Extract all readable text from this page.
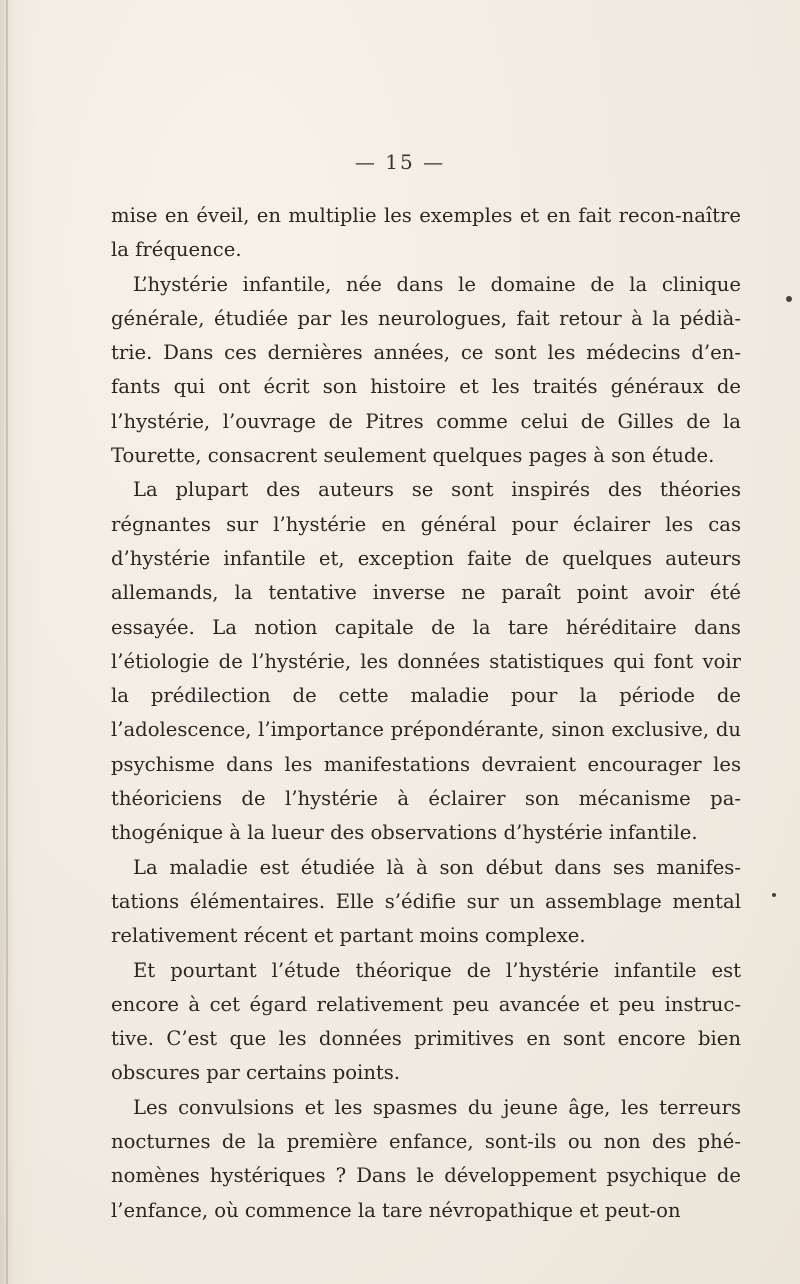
— 15 —

mise en éveil, en multiplie les exemples et en fait recon-naître la fréquence.

L’hystérie infantile, née dans le domaine de la clinique générale, étudiée par les neurologues, fait retour à la pédià-trie. Dans ces dernières années, ce sont les médecins d’en-fants qui ont écrit son histoire et les traités généraux de l’hystérie, l’ouvrage de Pitres comme celui de Gilles de la Tourette, consacrent seulement quelques pages à son étude.

La plupart des auteurs se sont inspirés des théories régnantes sur l’hystérie en général pour éclairer les cas d’hystérie infantile et, exception faite de quelques auteurs allemands, la tentative inverse ne paraît point avoir été essayée. La notion capitale de la tare héréditaire dans l’étiologie de l’hystérie, les données statistiques qui font voir la prédilection de cette maladie pour la période de l’adolescence, l’importance prépondérante, sinon exclusive, du psychisme dans les manifestations devraient encourager les théoriciens de l’hystérie à éclairer son mécanisme pa-thogénique à la lueur des observations d’hystérie infantile.

La maladie est étudiée là à son début dans ses manifes-tations élémentaires. Elle s’édifie sur un assemblage mental relativement récent et partant moins complexe.

Et pourtant l’étude théorique de l’hystérie infantile est encore à cet égard relativement peu avancée et peu instruc-tive. C’est que les données primitives en sont encore bien obscures par certains points.

Les convulsions et les spasmes du jeune âge, les terreurs nocturnes de la première enfance, sont-ils ou non des phé-nomènes hystériques ? Dans le développement psychique de l’enfance, où commence la tare névropathique et peut-on
